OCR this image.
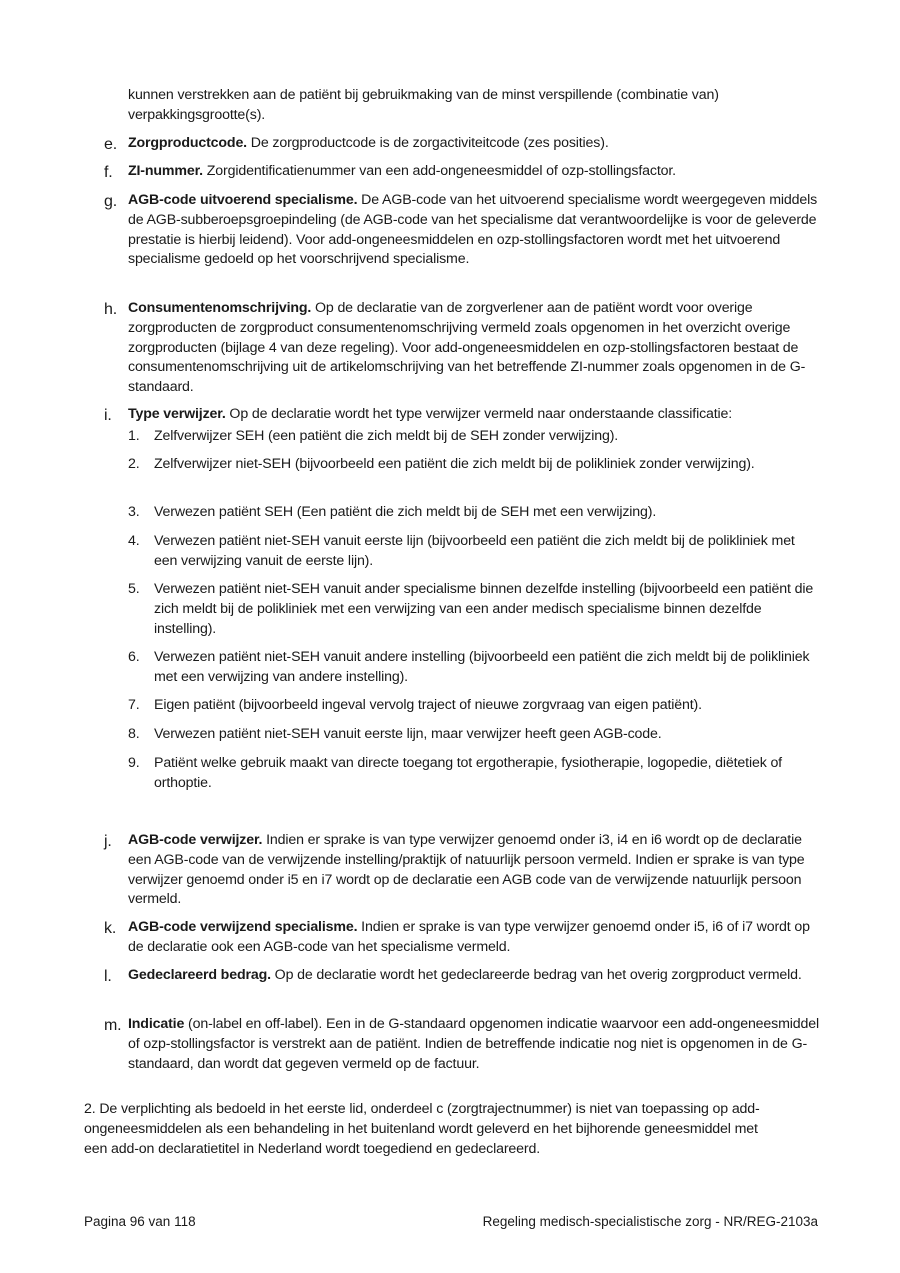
kunnen verstrekken aan de patiënt bij gebruikmaking van de minst verspillende (combinatie van) verpakkingsgrootte(s).
e. Zorgproductcode. De zorgproductcode is de zorgactiviteitcode (zes posities).
f. ZI-nummer. Zorgidentificatienummer van een add-ongeneesmiddel of ozp-stollingsfactor.
g. AGB-code uitvoerend specialisme. De AGB-code van het uitvoerend specialisme wordt weergegeven middels de AGB-subberoepsgroepindeling (de AGB-code van het specialisme dat verantwoordelijke is voor de geleverde prestatie is hierbij leidend). Voor add-ongeneesmiddelen en ozp-stollingsfactoren wordt met het uitvoerend specialisme gedoeld op het voorschrijvend specialisme.
h. Consumentenomschrijving. Op de declaratie van de zorgverlener aan de patiënt wordt voor overige zorgproducten de zorgproduct consumentenomschrijving vermeld zoals opgenomen in het overzicht overige zorgproducten (bijlage 4 van deze regeling). Voor add-ongeneesmiddelen en ozp-stollingsfactoren bestaat de consumentenomschrijving uit de artikelomschrijving van het betreffende ZI-nummer zoals opgenomen in de G-standaard.
i. Type verwijzer. Op de declaratie wordt het type verwijzer vermeld naar onderstaande classificatie:
1. Zelfverwijzer SEH (een patiënt die zich meldt bij de SEH zonder verwijzing).
2. Zelfverwijzer niet-SEH (bijvoorbeeld een patiënt die zich meldt bij de polikliniek zonder verwijzing).
3. Verwezen patiënt SEH (Een patiënt die zich meldt bij de SEH met een verwijzing).
4. Verwezen patiënt niet-SEH vanuit eerste lijn (bijvoorbeeld een patiënt die zich meldt bij de polikliniek met een verwijzing vanuit de eerste lijn).
5. Verwezen patiënt niet-SEH vanuit ander specialisme binnen dezelfde instelling (bijvoorbeeld een patiënt die zich meldt bij de polikliniek met een verwijzing van een ander medisch specialisme binnen dezelfde instelling).
6. Verwezen patiënt niet-SEH vanuit andere instelling (bijvoorbeeld een patiënt die zich meldt bij de polikliniek met een verwijzing van andere instelling).
7. Eigen patiënt (bijvoorbeeld ingeval vervolg traject of nieuwe zorgvraag van eigen patiënt).
8. Verwezen patiënt niet-SEH vanuit eerste lijn, maar verwijzer heeft geen AGB-code.
9. Patiënt welke gebruik maakt van directe toegang tot ergotherapie, fysiotherapie, logopedie, diëtetiek of orthoptie.
j. AGB-code verwijzer. Indien er sprake is van type verwijzer genoemd onder i3, i4 en i6 wordt op de declaratie een AGB-code van de verwijzende instelling/praktijk of natuurlijk persoon vermeld. Indien er sprake is van type verwijzer genoemd onder i5 en i7 wordt op de declaratie een AGB code van de verwijzende natuurlijk persoon vermeld.
k. AGB-code verwijzend specialisme. Indien er sprake is van type verwijzer genoemd onder i5, i6 of i7 wordt op de declaratie ook een AGB-code van het specialisme vermeld.
l. Gedeclareerd bedrag. Op de declaratie wordt het gedeclareerde bedrag van het overig zorgproduct vermeld.
m. Indicatie (on-label en off-label). Een in de G-standaard opgenomen indicatie waarvoor een add-ongeneesmiddel of ozp-stollingsfactor is verstrekt aan de patiënt. Indien de betreffende indicatie nog niet is opgenomen in de G-standaard, dan wordt dat gegeven vermeld op de factuur.
2. De verplichting als bedoeld in het eerste lid, onderdeel c (zorgtrajectnummer) is niet van toepassing op add-ongeneesmiddelen als een behandeling in het buitenland wordt geleverd en het bijhorende geneesmiddel met een add-on declaratietitel in Nederland wordt toegediend en gedeclareerd.
Pagina 96 van 118	Regeling medisch-specialistische zorg - NR/REG-2103a
